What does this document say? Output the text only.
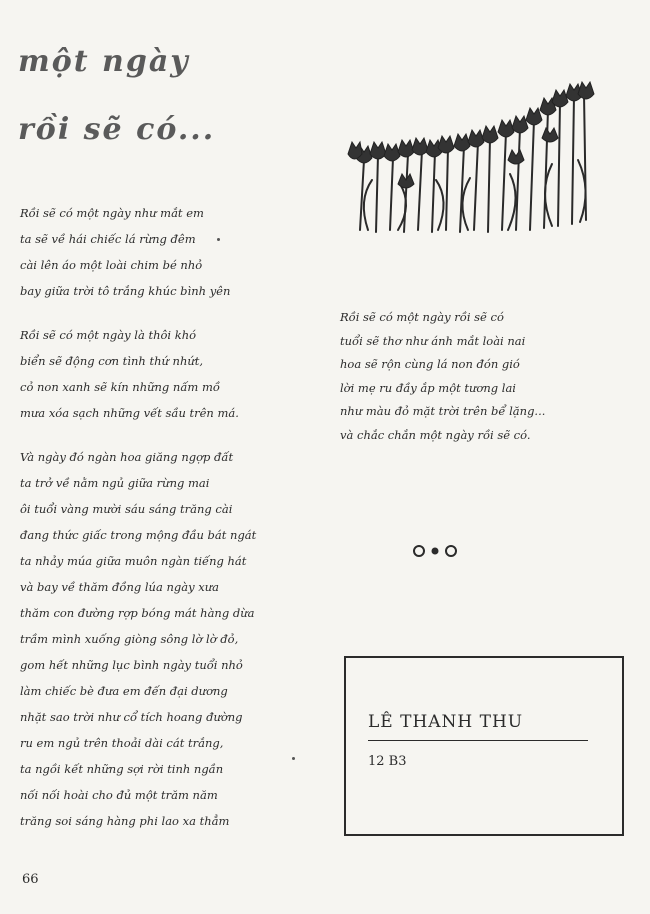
một ngày
rồi sẽ có...
Rồi sẽ có một ngày như mắt em
ta sẽ về hái chiếc lá rừng đêm
cài lên áo một loài chim bé nhỏ
bay giữa trời tô trắng khúc bình yên
Rồi sẽ có một ngày là thôi khó
biển sẽ động cơn tình thứ nhứt,
cỏ non xanh sẽ kín những nấm mồ
mưa xóa sạch những vết sầu trên má.
Và ngày đó ngàn hoa giăng ngợp đất
ta trở về nằm ngủ giữa rừng mai
ôi tuổi vàng mười sáu sáng trăng cài
đang thức giấc trong mộng đầu bát ngát
ta nhảy múa giữa muôn ngàn tiếng hát
và bay về thăm đồng lúa ngày xưa
thăm con đường rợp bóng mát hàng dừa
trầm mình xuống giòng sông lờ lờ đỏ,
gom hết những lục bình ngày tuổi nhỏ
làm chiếc bè đưa em đến đại dương
nhặt sao trời như cổ tích hoang đường
ru em ngủ trên thoải dài cát trắng,
ta ngồi kết những sợi rời tinh ngần
nối nối hoài cho đủ một trăm năm
trăng soi sáng hàng phi lao xa thẳm
Rồi sẽ có một ngày rồi sẽ có
tuổi sẽ thơ như ánh mắt loài nai
hoa sẽ rộn cùng lá non đón gió
lời mẹ ru đầy ắp một tương lai
như màu đỏ mặt trời trên bể lặng...
và chắc chắn một ngày rồi sẽ có.
LÊ THANH THU
12 B3
66
